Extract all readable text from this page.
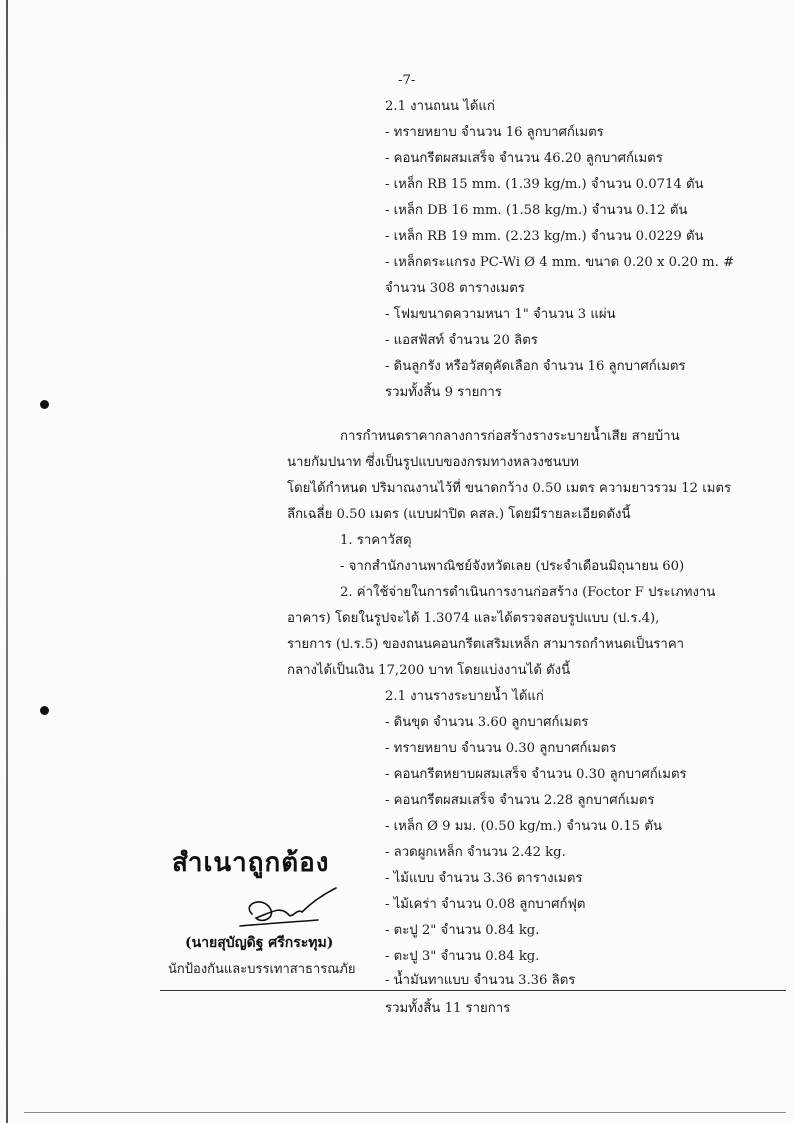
-7-
2.1 งานถนน ได้แก่
- ทรายหยาบ จำนวน 16 ลูกบาศก์เมตร
- คอนกรีตผสมเสร็จ จำนวน 46.20 ลูกบาศก์เมตร
- เหล็ก RB 15 mm. (1.39 kg/m.) จำนวน 0.0714 ตัน
- เหล็ก DB 16 mm. (1.58 kg/m.) จำนวน 0.12 ตัน
- เหล็ก RB 19 mm. (2.23 kg/m.) จำนวน 0.0229 ตัน
- เหล็กตระแกรง PC-Wi Ø 4 mm. ขนาด 0.20 x 0.20 m. #
จำนวน 308 ตารางเมตร
- โฟมขนาดความหนา 1" จำนวน 3 แผ่น
- แอสฟัสท์ จำนวน 20 ลิตร
- ดินลูกรัง หรือวัสดุคัดเลือก จำนวน 16 ลูกบาศก์เมตร
รวมทั้งสิ้น 9 รายการ
การกำหนดราคากลางการก่อสร้างรางระบายน้ำเสีย สายบ้าน
นายกัมปนาท ซึ่งเป็นรูปแบบของกรมทางหลวงชนบท
โดยได้กำหนด ปริมาณงานไว้ที่ ขนาดกว้าง 0.50 เมตร ความยาวรวม 12 เมตร
ลึกเฉลี่ย 0.50 เมตร (แบบฝาปิด คสล.) โดยมีรายละเอียดดังนี้
1. ราคาวัสดุ
- จากสำนักงานพาณิชย์จังหวัดเลย (ประจำเดือนมิถุนายน 60)
2. ค่าใช้จ่ายในการดำเนินการงานก่อสร้าง (Foctor F ประเภทงาน
อาคาร) โดยในรูปจะได้ 1.3074 และได้ตรวจสอบรูปแบบ (ป.ร.4),
รายการ (ป.ร.5) ของถนนคอนกรีตเสริมเหล็ก สามารถกำหนดเป็นราคา
กลางได้เป็นเงิน 17,200 บาท โดยแบ่งงานได้ ดังนี้
2.1 งานรางระบายน้ำ ได้แก่
- ดินขุด จำนวน 3.60 ลูกบาศก์เมตร
- ทรายหยาบ จำนวน 0.30 ลูกบาศก์เมตร
- คอนกรีตหยาบผสมเสร็จ จำนวน 0.30 ลูกบาศก์เมตร
- คอนกรีตผสมเสร็จ จำนวน 2.28 ลูกบาศก์เมตร
- เหล็ก Ø 9 มม. (0.50 kg/m.) จำนวน 0.15 ตัน
- ลวดผูกเหล็ก จำนวน 2.42 kg.
- ไม้แบบ จำนวน 3.36 ตารางเมตร
- ไม้เคร่า จำนวน 0.08 ลูกบาศก์ฟุต
- ตะปู 2" จำนวน 0.84 kg.
- ตะปู 3" จำนวน 0.84 kg.
- น้ำมันทาแบบ จำนวน 3.36 ลิตร
รวมทั้งสิ้น 11 รายการ
สำเนาถูกต้อง
(นายสุบัญดิฐ ศรีกระทุม)
นักป้องกันและบรรเทาสาธารณภัย
